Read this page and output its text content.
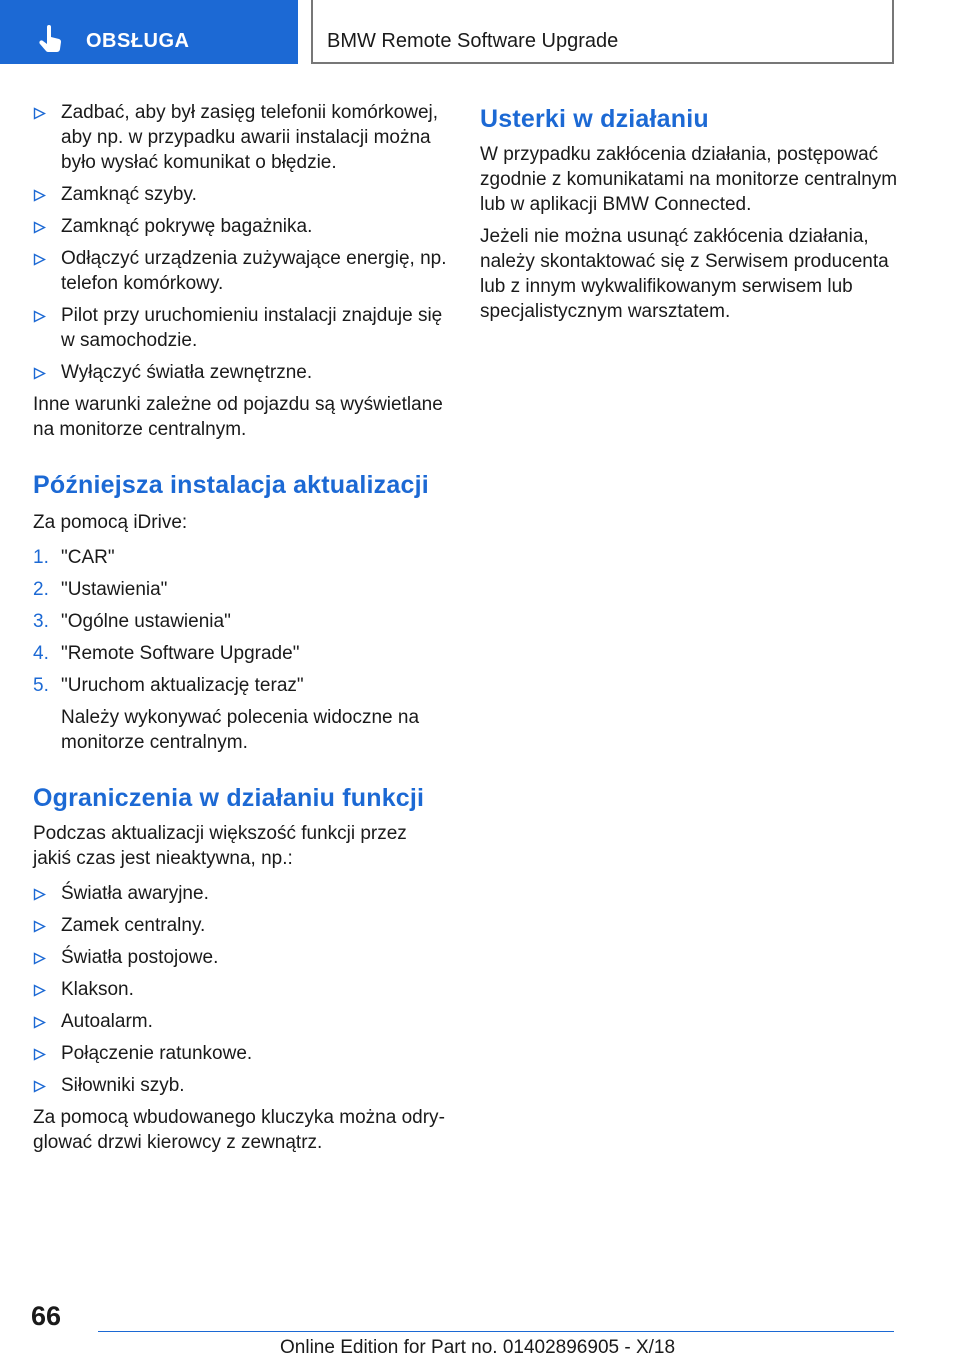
OBSŁUGA	BMW Remote Software Upgrade
Zadbać, aby był zasięg telefonii komórkowej, aby np. w przypadku awarii instalacji można było wysłać komunikat o błędzie.
Zamknąć szyby.
Zamknąć pokrywę bagażnika.
Odłączyć urządzenia zużywające energię, np. telefon komórkowy.
Pilot przy uruchomieniu instalacji znajduje się w samochodzie.
Wyłączyć światła zewnętrzne.

Inne warunki zależne od pojazdu są wyświetlane na monitorze centralnym.

Późniejsza instalacja aktualizacji

Za pomocą iDrive:

1. "CAR"
2. "Ustawienia"
3. "Ogólne ustawienia"
4. "Remote Software Upgrade"
5. "Uruchom aktualizację teraz"

Należy wykonywać polecenia widoczne na monitorze centralnym.

Ograniczenia w działaniu funkcji

Podczas aktualizacji większość funkcji przez jakiś czas jest nieaktywna, np.:

Światła awaryjne.
Zamek centralny.
Światła postojowe.
Klakson.
Autoalarm.
Połączenie ratunkowe.
Siłowniki szyb.

Za pomocą wbudowanego kluczyka można odryglować drzwi kierowcy z zewnątrz.

Usterki w działaniu

W przypadku zakłócenia działania, postępować zgodnie z komunikatami na monitorze centralnym lub w aplikacji BMW Connected.

Jeżeli nie można usunąć zakłócenia działania, należy skontaktować się z Serwisem producenta lub z innym wykwalifikowanym serwisem lub specjalistycznym warsztatem.

66
Online Edition for Part no. 01402896905 - X/18
